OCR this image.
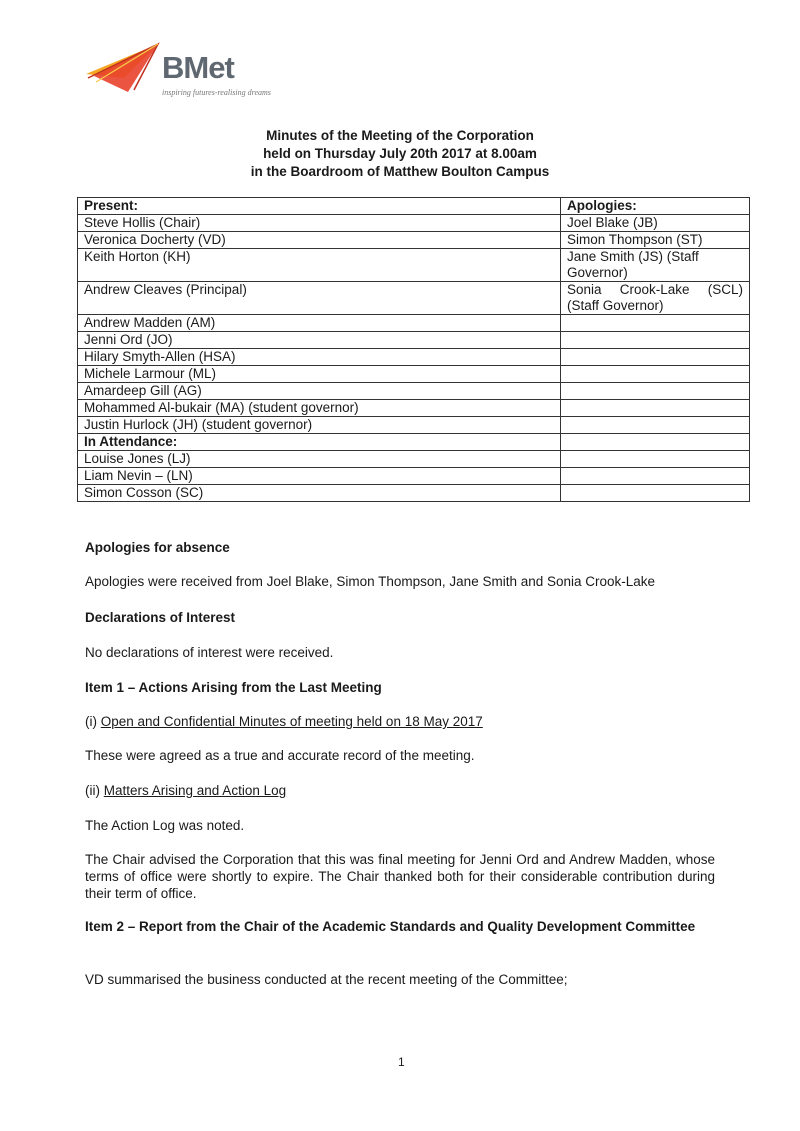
BMet
inspiring futures-realising dreams
Minutes of the Meeting of the Corporation
held on Thursday July 20th 2017 at 8.00am
in the Boardroom of Matthew Boulton Campus
Present:	Apologies:
Steve Hollis (Chair)	Joel Blake (JB)
Veronica Docherty (VD)	Simon Thompson (ST)
Keith Horton (KH)	Jane Smith (JS) (Staff Governor)
Andrew Cleaves (Principal)	Sonia Crook-Lake (SCL) (Staff Governor)
Andrew Madden (AM)	
Jenni Ord (JO)	
Hilary Smyth-Allen (HSA)	
Michele Larmour (ML)	
Amardeep Gill (AG)	
Mohammed Al-bukair (MA) (student governor)	
Justin Hurlock (JH) (student governor)	
In Attendance:	
Louise Jones (LJ)	
Liam Nevin – (LN)	
Simon Cosson (SC)	
Apologies for absence
Apologies were received from Joel Blake, Simon Thompson, Jane Smith and Sonia Crook-Lake
Declarations of Interest
No declarations of interest were received.
Item 1 – Actions Arising from the Last Meeting
(i) Open and Confidential Minutes of meeting held on 18 May 2017
These were agreed as a true and accurate record of the meeting.
(ii) Matters Arising and Action Log
The Action Log was noted.
The Chair advised the Corporation that this was final meeting for Jenni Ord and Andrew Madden, whose terms of office were shortly to expire. The Chair thanked both for their considerable contribution during their term of office.
Item 2 – Report from the Chair of the Academic Standards and Quality Development Committee
VD summarised the business conducted at the recent meeting of the Committee;
1
